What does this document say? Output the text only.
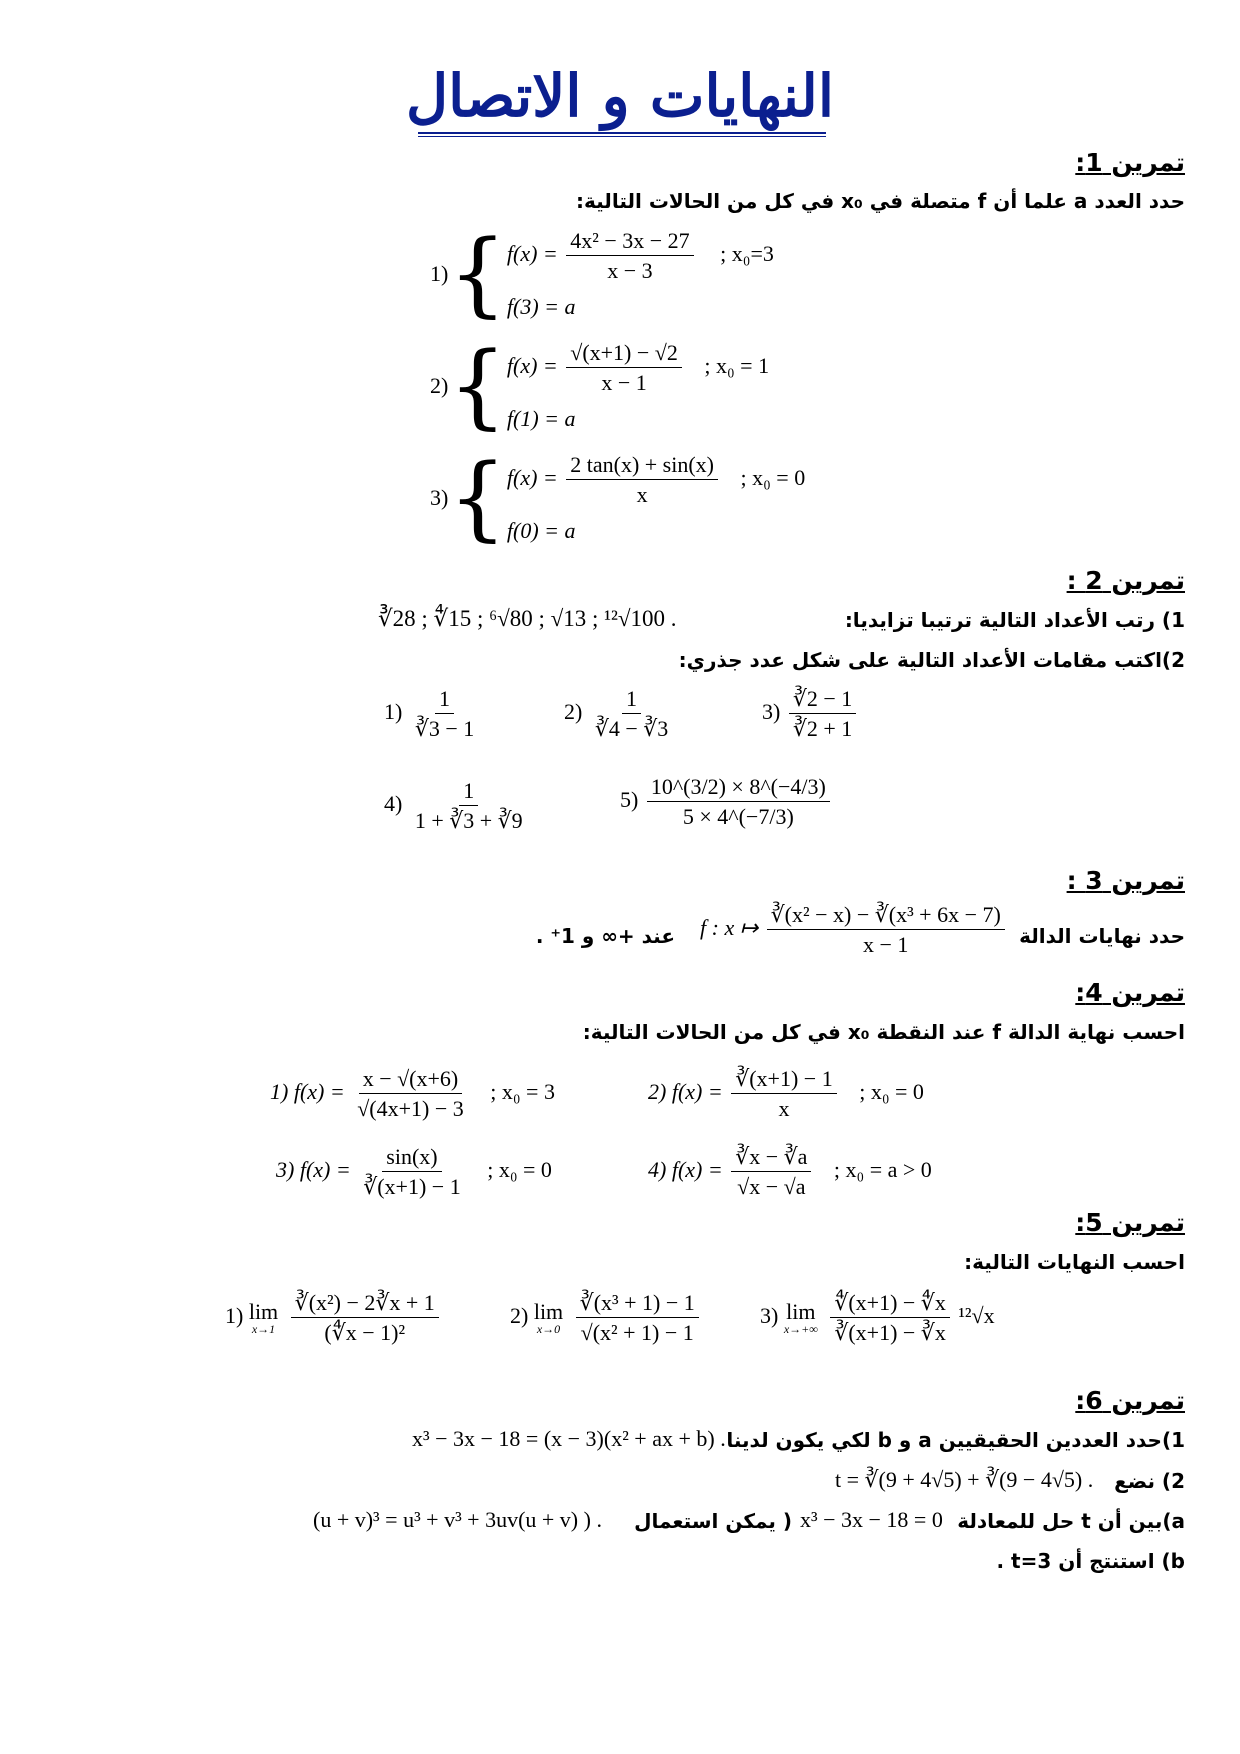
النهايات و الاتصال
تمرين 1:
حدد العدد a علما أن f متصلة في x₀ في كل من الحالات التالية:
1) { $f(x) = \frac{\text{4x² − 3x − 27}}{x - 3}$ ; x₀=3
f(3) = a
2) { $f(x) = \frac{√(x+1) - √2}{x - 1}$ ; x₀ = 1
f(1) = a
3) { $f(x) = \frac{2 \tan(x) + \sin(x)}{x}$ ; x₀ = 0
f(0) = a
تمرين 2 :
1) رتب الأعداد التالية ترتيبا تزايديا:
∛28 ; ∜15 ; ⁶√80 ; √13 ; ¹²√100 .
2)اكتب مقامات الأعداد التالية على شكل عدد جذري:
$1) \frac{1}{∛3 - 1}$	$2) \frac{1}{∛4 - ∛3}$	$3) \frac{∛2 - 1}{∛2 + 1}$
$4) \frac{1}{1 + ∛3 + ∛9}$	$5) \frac{10\^{}(3/2) \times 8\^{}(-4/3)}{5 \times 4\^{}(-7/3)}$
تمرين 3 :
حدد نهايات الدالة
f : x ↦ $\frac{\text{∛(x² − x) − ∛(x³ + 6x − 7)}}{x - 1}$
عند +∞ و 1⁺ .
تمرين 4:
احسب نهاية الدالة f عند النقطة x₀ في كل من الحالات التالية:
1) $f(x) = \frac{x - √(x+6)}{√(4x+1) - 3}$ ; x₀ = 3	2) $f(x) = \frac{∛(x+1) - 1}{x}$ ; x₀ = 0
3) $f(x) = \frac{\sin(x)}{∛(x+1) - 1}$ ; x₀ = 0	4) $f(x) = \frac{∛x - ∛a}{√x - √a}$ ; x₀ = a > 0
تمرين 5:
احسب النهايات التالية:
1) lim
x→1
$\frac{\text{∛(x²) − 2∛x + 1}}{\text{(∜x − 1)²}}$	2) lim
x→0
$\frac{\text{∛(x³ + 1) − 1}}{\text{√(x² + 1) − 1}}$	3) lim
x→+∞
$\frac{∜(x+1) - ∜x}{∛(x+1) - ∛x} ^{12}√x$
تمرين 6:
1)حدد العددين الحقيقيين a و b لكي يكون لدينا
x³ − 3x − 18 = (x − 3)(x² + ax + b) .
2) نضع
t = ∛(9 + 4√5) + ∛(9 − 4√5) .
a)بين أن t حل للمعادلة
x³ − 3x − 18 = 0
( يمكن استعمال
(u + v)³ = u³ + v³ + 3uv(u + v) ) .
b) استنتج أن t=3 .
